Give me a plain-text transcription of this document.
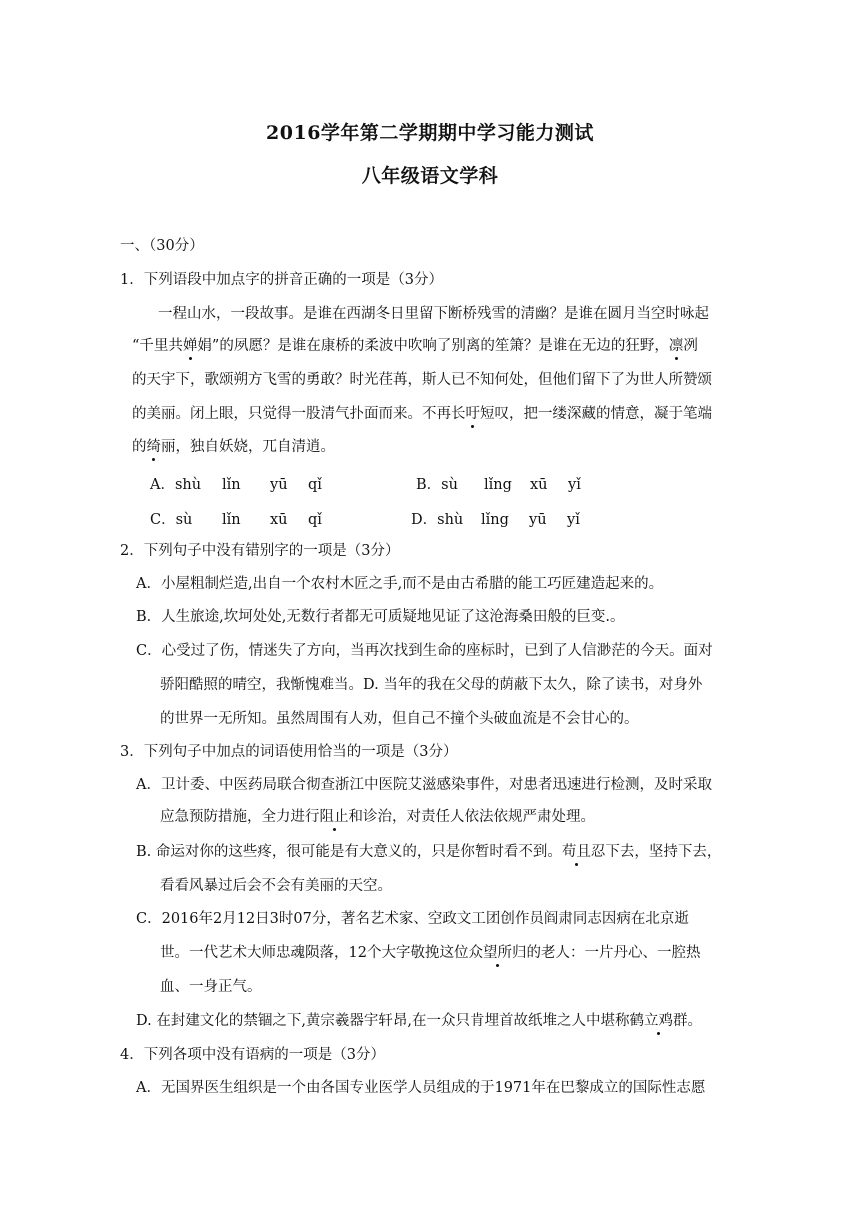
2016学年第二学期期中学习能力测试
八年级语文学科
一、（30分）
1．下列语段中加点字的拼音正确的一项是（3分）
一程山水，一段故事。是谁在西湖冬日里留下断桥残雪的清幽？是谁在圆月当空时咏起
“千里共婵娟”的夙愿？是谁在康桥的柔波中吹响了别离的笙箫？是谁在无边的狂野，凛冽
的天宇下，歌颂朔方飞雪的勇敢？时光荏苒，斯人已不知何处，但他们留下了为世人所赞颂
的美丽。闭上眼，只觉得一股清气扑面而来。不再长吁短叹，把一缕深藏的情意，凝于笔端
的绮丽，独自妖娆，兀自清逍。
A．shù lǐn yū qǐ	B．sù lǐng xū yǐ
C．sù lǐn xū qǐ	D．shù lǐng yū yǐ
2．下列句子中没有错别字的一项是（3分）
A．小屋粗制烂造,出自一个农村木匠之手,而不是由古希腊的能工巧匠建造起来的。
B．人生旅途,坎坷处处,无数行者都无可质疑地见证了这沧海桑田般的巨变.。
C．心受过了伤，情迷失了方向，当再次找到生命的座标时，已到了人信渺茫的今天。面对
骄阳酷照的晴空，我惭愧难当。D. 当年的我在父母的荫蔽下太久，除了读书，对身外
的世界一无所知。虽然周围有人劝，但自己不撞个头破血流是不会甘心的。
3．下列句子中加点的词语使用恰当的一项是（3分）
A．卫计委、中医药局联合彻查浙江中医院艾滋感染事件，对患者迅速进行检测，及时采取
应急预防措施，全力进行阻止和诊治，对责任人依法依规严肃处理。
B. 命运对你的这些疼，很可能是有大意义的，只是你暂时看不到。苟且忍下去，坚持下去，
看看风暴过后会不会有美丽的天空。
C．2016年2月12日3时07分，著名艺术家、空政文工团创作员阎肃同志因病在北京逝
世。一代艺术大师忠魂陨落，12个大字敬挽这位众望所归的老人：一片丹心、一腔热
血、一身正气。
D. 在封建文化的禁锢之下,黄宗羲器宇轩昂,在一众只肯埋首故纸堆之人中堪称鹤立鸡群。
4．下列各项中没有语病的一项是（3分）
A．无国界医生组织是一个由各国专业医学人员组成的于1971年在巴黎成立的国际性志愿
